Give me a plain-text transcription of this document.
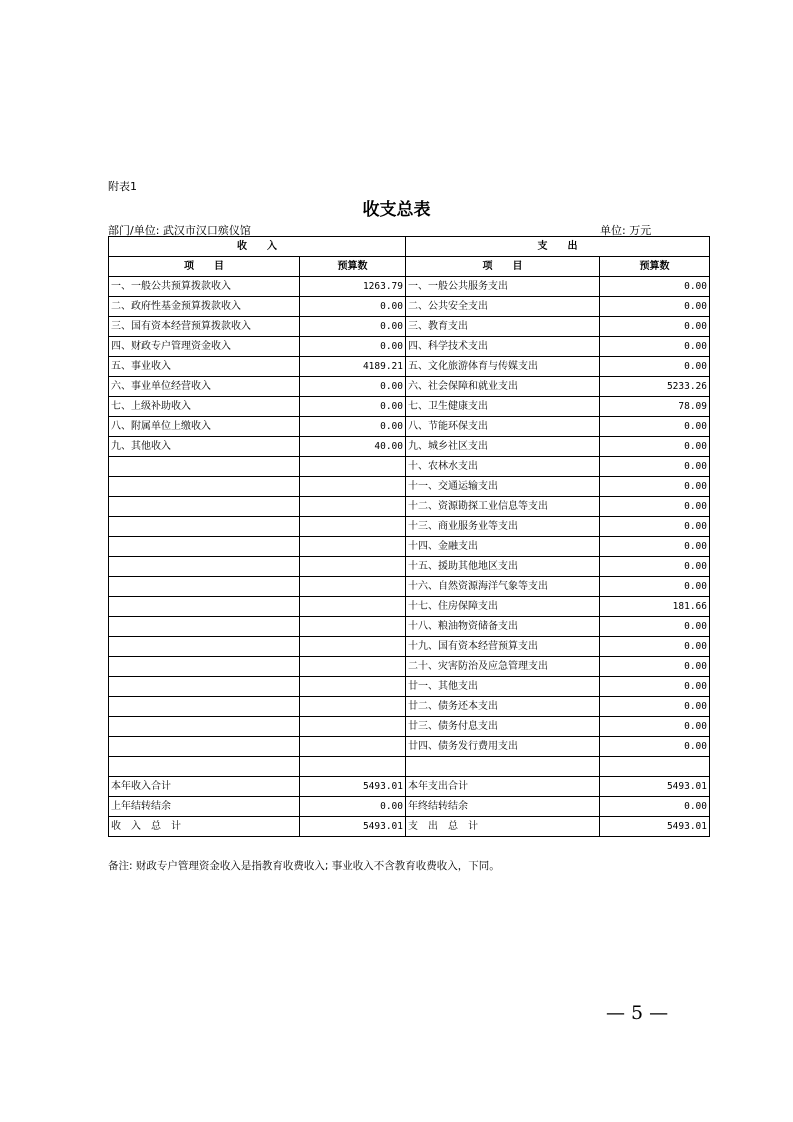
附表1
收支总表
部门/单位: 武汉市汉口殡仪馆	单位: 万元
收　　入		支　　出	
项　　目	预算数	项　　目	预算数
一、一般公共预算拨款收入	1263.79	一、一般公共服务支出	0.00
二、政府性基金预算拨款收入	0.00	二、公共安全支出	0.00
三、国有资本经营预算拨款收入	0.00	三、教育支出	0.00
四、财政专户管理资金收入	0.00	四、科学技术支出	0.00
五、事业收入	4189.21	五、文化旅游体育与传媒支出	0.00
六、事业单位经营收入	0.00	六、社会保障和就业支出	5233.26
七、上级补助收入	0.00	七、卫生健康支出	78.09
八、附属单位上缴收入	0.00	八、节能环保支出	0.00
九、其他收入	40.00	九、城乡社区支出	0.00
		十、农林水支出	0.00
		十一、交通运输支出	0.00
		十二、资源勘探工业信息等支出	0.00
		十三、商业服务业等支出	0.00
		十四、金融支出	0.00
		十五、援助其他地区支出	0.00
		十六、自然资源海洋气象等支出	0.00
		十七、住房保障支出	181.66
		十八、粮油物资储备支出	0.00
		十九、国有资本经营预算支出	0.00
		二十、灾害防治及应急管理支出	0.00
		廿一、其他支出	0.00
		廿二、债务还本支出	0.00
		廿三、债务付息支出	0.00
		廿四、债务发行费用支出	0.00

本年收入合计	5493.01	本年支出合计	5493.01
上年结转结余	0.00	年终结转结余	0.00
收　入　总　计	5493.01	支　出　总　计	5493.01
备注: 财政专户管理资金收入是指教育收费收入; 事业收入不含教育收费收入，下同。
— 5 —
